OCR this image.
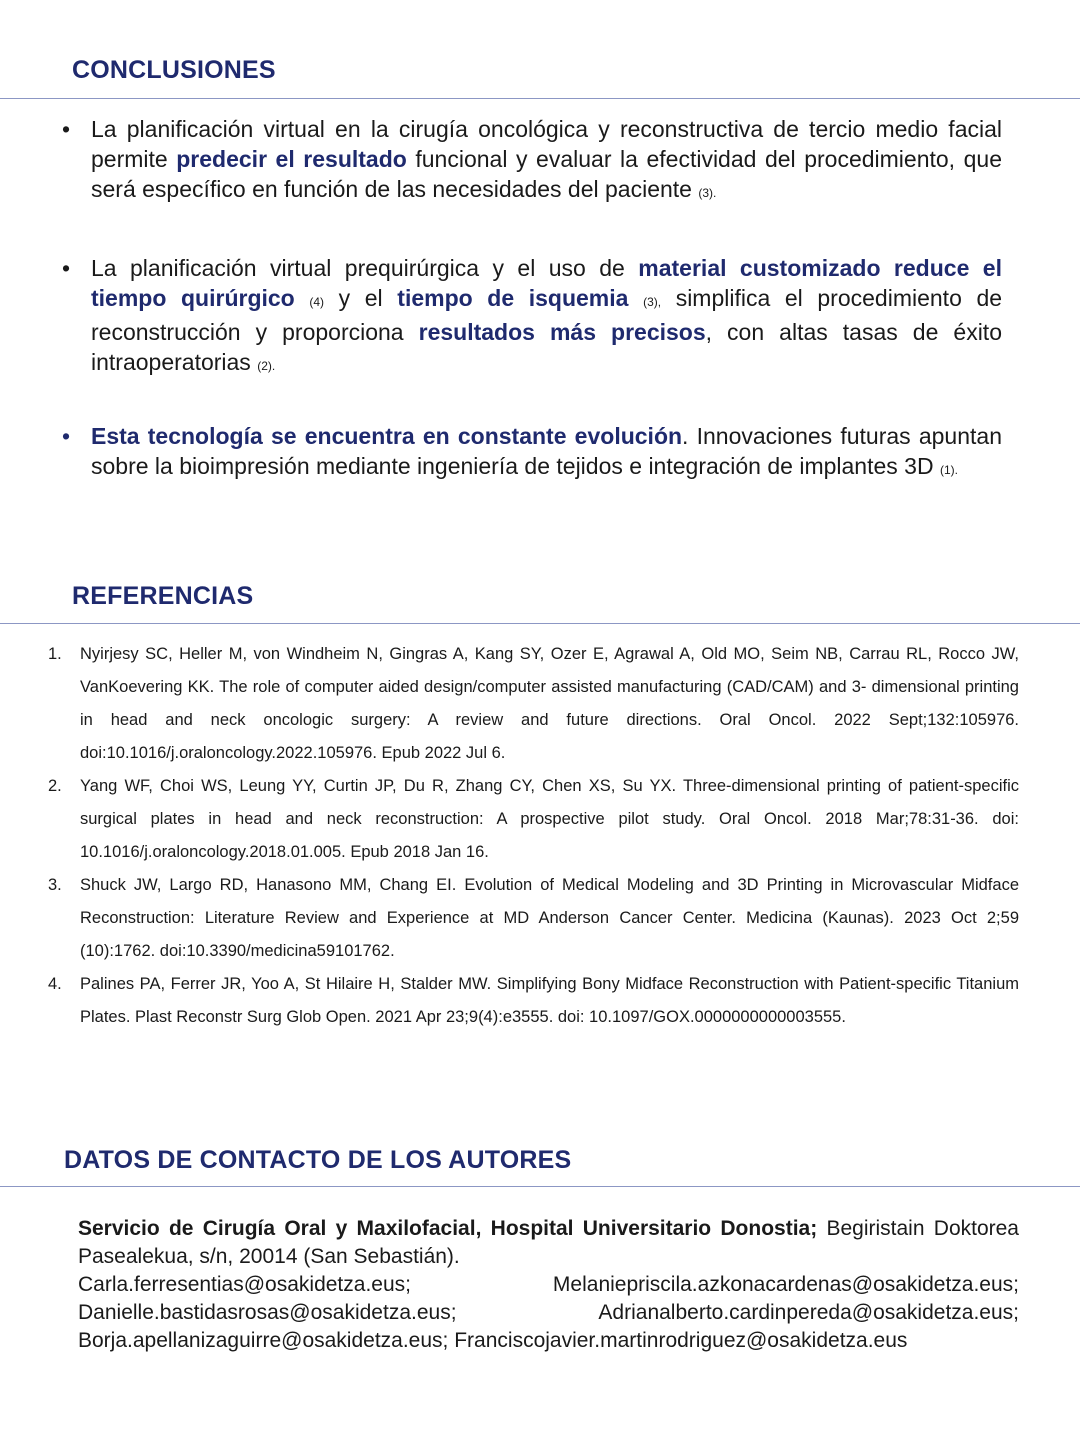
CONCLUSIONES
• La planificación virtual en la cirugía oncológica y reconstructiva de tercio medio facial permite predecir el resultado funcional y evaluar la efectividad del procedimiento, que será específico en función de las necesidades del paciente (3).
• La planificación virtual prequirúrgica y el uso de material customizado reduce el tiempo quirúrgico (4) y el tiempo de isquemia (3), simplifica el procedimiento de reconstrucción y proporciona resultados más precisos, con altas tasas de éxito intraoperatorias (2).
• Esta tecnología se encuentra en constante evolución. Innovaciones futuras apuntan sobre la bioimpresión mediante ingeniería de tejidos e integración de implantes 3D (1).
REFERENCIAS
1. Nyirjesy SC, Heller M, von Windheim N, Gingras A, Kang SY, Ozer E, Agrawal A, Old MO, Seim NB, Carrau RL, Rocco JW, VanKoevering KK. The role of computer aided design/computer assisted manufacturing (CAD/CAM) and 3- dimensional printing in head and neck oncologic surgery: A review and future directions. Oral Oncol. 2022 Sept;132:105976. doi:10.1016/j.oraloncology.2022.105976. Epub 2022 Jul 6.
2. Yang WF, Choi WS, Leung YY, Curtin JP, Du R, Zhang CY, Chen XS, Su YX. Three-dimensional printing of patient-specific surgical plates in head and neck reconstruction: A prospective pilot study. Oral Oncol. 2018 Mar;78:31-36. doi: 10.1016/j.oraloncology.2018.01.005. Epub 2018 Jan 16.
3. Shuck JW, Largo RD, Hanasono MM, Chang EI. Evolution of Medical Modeling and 3D Printing in Microvascular Midface Reconstruction: Literature Review and Experience at MD Anderson Cancer Center. Medicina (Kaunas). 2023 Oct 2;59 (10):1762. doi:10.3390/medicina59101762.
4. Palines PA, Ferrer JR, Yoo A, St Hilaire H, Stalder MW. Simplifying Bony Midface Reconstruction with Patient-specific Titanium Plates. Plast Reconstr Surg Glob Open. 2021 Apr 23;9(4):e3555. doi: 10.1097/GOX.0000000000003555.
DATOS DE CONTACTO DE LOS AUTORES
Servicio de Cirugía Oral y Maxilofacial, Hospital Universitario Donostia; Begiristain Doktorea Pasealekua, s/n, 20014 (San Sebastián).
Carla.ferresentias@osakidetza.eus;	Melaniepriscila.azkonacardenas@osakidetza.eus;
Danielle.bastidasrosas@osakidetza.eus;	Adrianalberto.cardinpereda@osakidetza.eus;
Borja.apellanizaguirre@osakidetza.eus; Franciscojavier.martinrodriguez@osakidetza.eus
